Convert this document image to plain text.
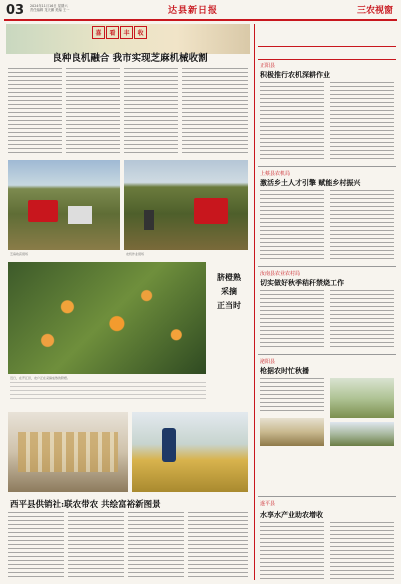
03 2024年11月16日 星期六
责任编辑 龙天鹏 美编 王一	达县新日报	三农视窗
喜	看	丰	收
良种良机融合 我市实现芝麻机械收割
芝麻收获现场	农机作业现场
脐橙熟
采摘
正当时
近日，在开江县，农户正在采摘成熟的脐橙。
西平县供销社:联农带农 共绘富裕新图景
正阳县
积极推行农机深耕作业
上蔡县农机局
激活乡土人才引擎 赋能乡村振兴
汝南县农业农村局
切实做好秋季秸秆禁烧工作
泌阳县
枪据农时忙秋播
遂平县
水享水产业助农增收
